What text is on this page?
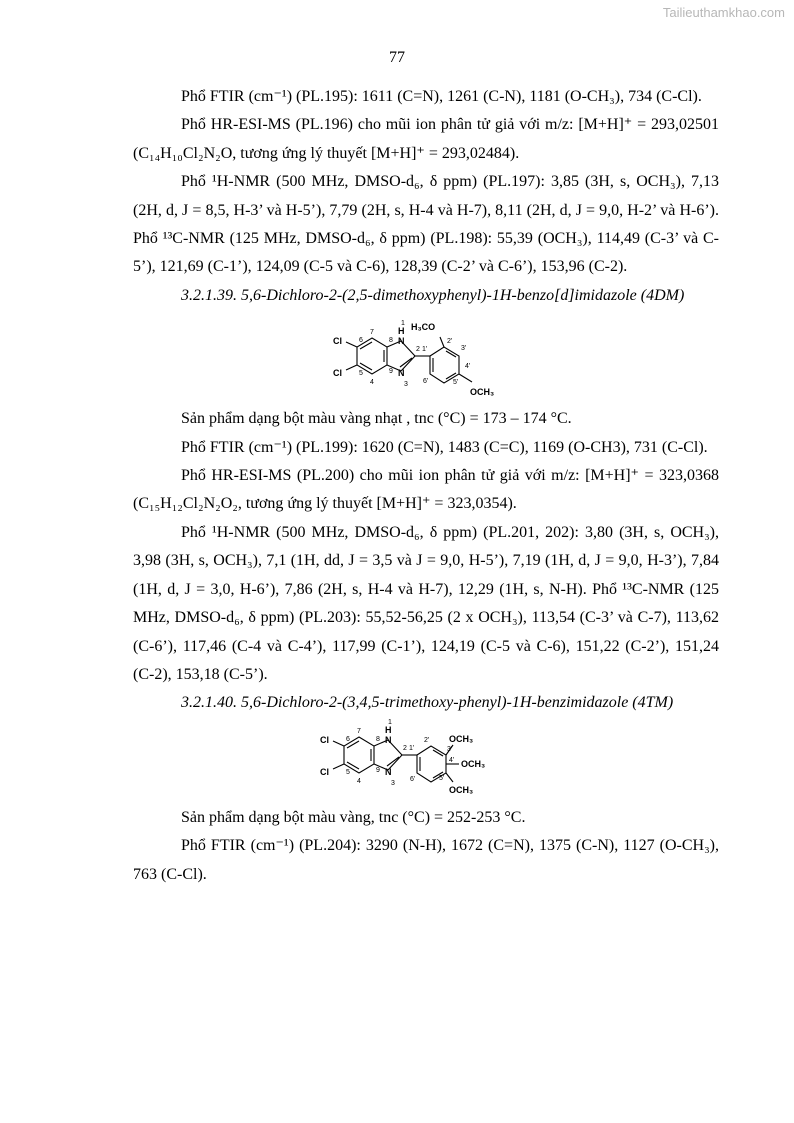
Tailieuthamkhao.com
77

Phổ FTIR (cm⁻¹) (PL.195): 1611 (C=N), 1261 (C-N), 1181 (O-CH₃), 734 (C-Cl).

Phổ HR-ESI-MS (PL.196) cho mũi ion phân tử giả với m/z: [M+H]⁺ = 293,02501 (C₁₄H₁₀Cl₂N₂O, tương ứng lý thuyết [M+H]⁺ = 293,02484).

Phổ ¹H-NMR (500 MHz, DMSO-d₆, δ ppm) (PL.197): 3,85 (3H, s, OCH₃), 7,13 (2H, d, J = 8,5, H-3’ và H-5’), 7,79 (2H, s, H-4 và H-7), 8,11 (2H, d, J = 9,0, H-2’ và H-6’). Phổ ¹³C-NMR (125 MHz, DMSO-d₆, δ ppm) (PL.198): 55,39 (OCH₃), 114,49 (C-3’ và C-5’), 121,69 (C-1’), 124,09 (C-5 và C-6), 128,39 (C-2’ và C-6’), 153,96 (C-2).

3.2.1.39. 5,6-Dichloro-2-(2,5-dimethoxyphenyl)-1H-benzo[d]imidazole (4DM)

Cl
Cl
H₃CO
OCH₃
N
H
N
1
2
3
4
5
6
7
8
9
1'
2'
3'
4'
5'
6'

Sản phẩm dạng bột màu vàng nhạt , tnc (°C) = 173 – 174 °C.

Phổ FTIR (cm⁻¹) (PL.199): 1620 (C=N), 1483 (C=C), 1169 (O-CH3), 731 (C-Cl).

Phổ HR-ESI-MS (PL.200) cho mũi ion phân tử giả với m/z: [M+H]⁺ = 323,0368 (C₁₅H₁₂Cl₂N₂O₂, tương ứng lý thuyết [M+H]⁺ = 323,0354).

Phổ ¹H-NMR (500 MHz, DMSO-d₆, δ ppm) (PL.201, 202): 3,80 (3H, s, OCH₃), 3,98 (3H, s, OCH₃), 7,1 (1H, dd, J = 3,5 và J = 9,0, H-5’), 7,19 (1H, d, J = 9,0, H-3’), 7,84 (1H, d, J = 3,0, H-6’), 7,86 (2H, s, H-4 và H-7), 12,29 (1H, s, N-H). Phổ ¹³C-NMR (125 MHz, DMSO-d₆, δ ppm) (PL.203): 55,52-56,25 (2 x OCH₃), 113,54 (C-3’ và C-7), 113,62 (C-6’), 117,46 (C-4 và C-4’), 117,99 (C-1’), 124,19 (C-5 và C-6), 151,22 (C-2’), 151,24 (C-2), 153,18 (C-5’).

3.2.1.40. 5,6-Dichloro-2-(3,4,5-trimethoxy-phenyl)-1H-benzimidazole (4TM)

Cl
Cl
OCH₃
OCH₃
OCH₃
N
H
N
1
2
3
4
5
6
7
8
9
1'
2'
3'
4'
5'
6'

Sản phẩm dạng bột màu vàng, tnc (°C) = 252-253 °C.

Phổ FTIR (cm⁻¹) (PL.204): 3290 (N-H), 1672 (C=N), 1375 (C-N), 1127 (O-CH₃), 763 (C-Cl).
